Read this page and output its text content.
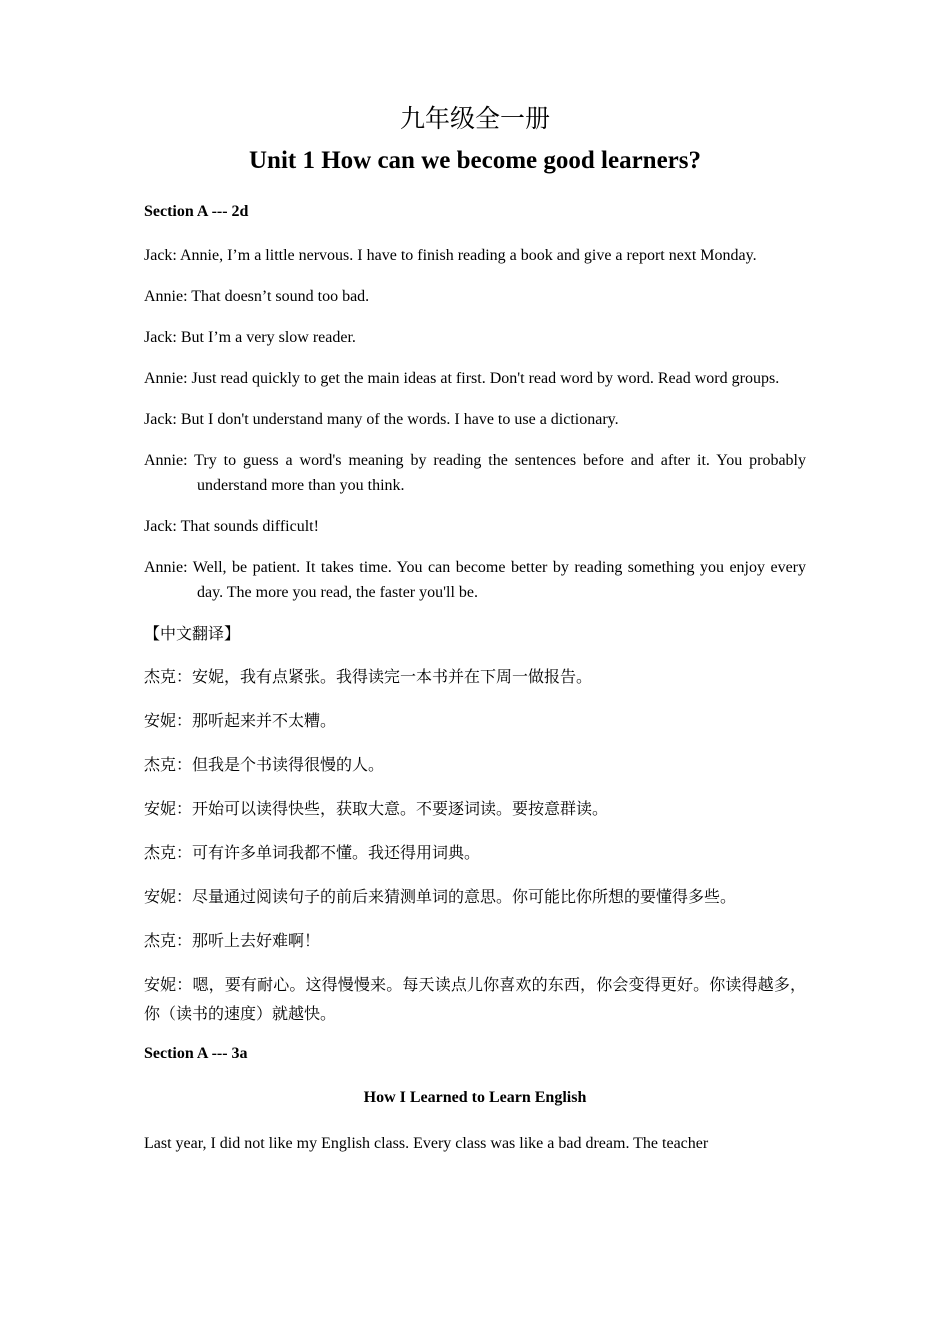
九年级全一册
Unit 1 How can we become good learners?
Section A --- 2d

Jack: Annie, I’m a little nervous. I have to finish reading a book and give a report next Monday.

Annie: That doesn’t sound too bad.

Jack: But I’m a very slow reader.

Annie: Just read quickly to get the main ideas at first. Don't read word by word. Read word groups.

Jack: But I don't understand many of the words. I have to use a dictionary.

Annie: Try to guess a word's meaning by reading the sentences before and after it. You probably understand more than you think.

Jack: That sounds difficult!

Annie: Well, be patient. It takes time. You can become better by reading something you enjoy every day. The more you read, the faster you'll be.

【中文翻译】

杰克：安妮，我有点紧张。我得读完一本书并在下周一做报告。

安妮：那听起来并不太糟。

杰克：但我是个书读得很慢的人。

安妮：开始可以读得快些，获取大意。不要逐词读。要按意群读。

杰克：可有许多单词我都不懂。我还得用词典。

安妮：尽量通过阅读句子的前后来猜测单词的意思。你可能比你所想的要懂得多些。

杰克：那听上去好难啊！

安妮：嗯，要有耐心。这得慢慢来。每天读点儿你喜欢的东西，你会变得更好。你读得越多，你（读书的速度）就越快。

Section A --- 3a
How I Learned to Learn English

Last year, I did not like my English class. Every class was like a bad dream. The teacher
